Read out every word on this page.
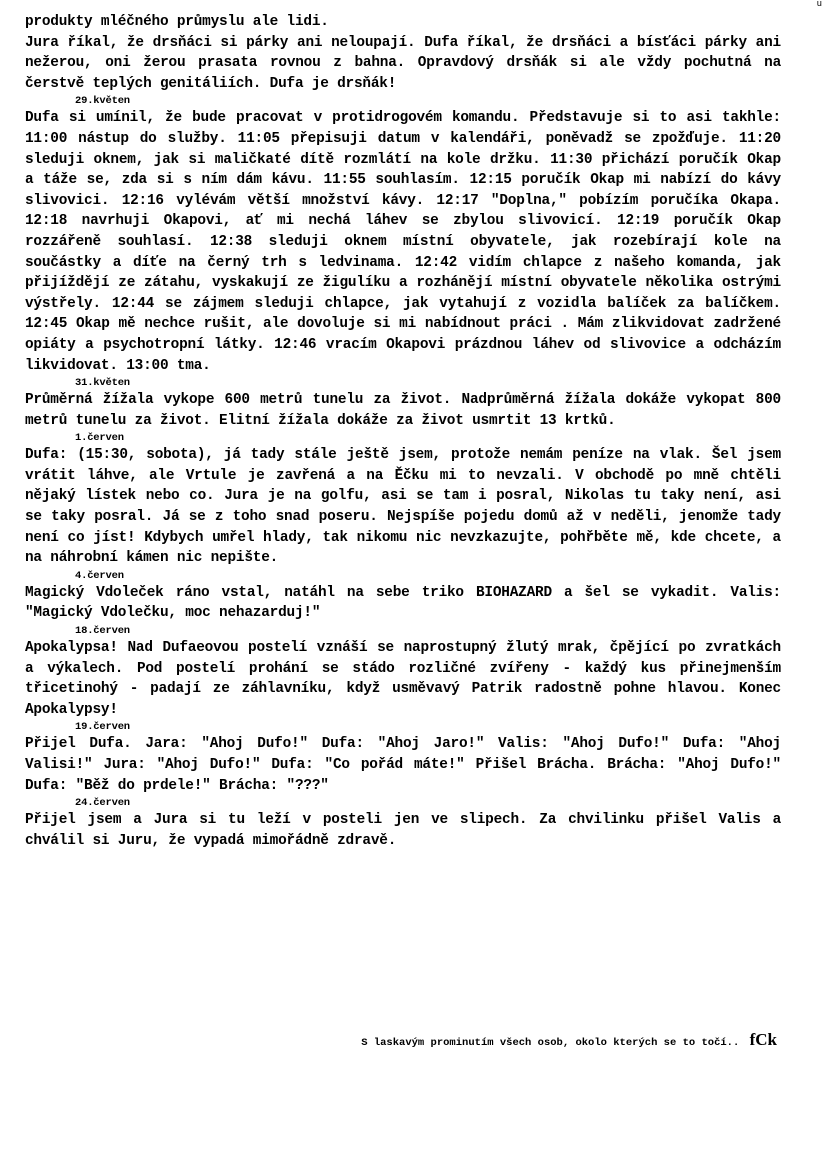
u

produkty mléčného průmyslu ale lidi.
Jura říkal, že drsňáci si párky ani neloupají. Dufa říkal, že drsňáci a bísťáci párky ani nežerou, oni žerou prasata rovnou z bahna. Opravdový drsňák si ale vždy pochutná na čerstvě teplých genitáliích. Dufa je drsňák!

29.květen

Dufa si umínil, že bude pracovat v protidrogovém komandu. Představuje si to asi takhle: 11:00 nástup do služby. 11:05 přepisuji datum v kalendáři, poněvadž se zpožďuje. 11:20 sleduji oknem, jak si maličkaté dítě rozmlátí na kole držku. 11:30 přichází poručík Okap a táže se, zda si s ním dám kávu. 11:55 souhlasím. 12:15 poručík Okap mi nabízí do kávy slivovici. 12:16 vylévám větší množství kávy. 12:17 "Doplna," pobízím poručíka Okapa. 12:18 navrhuji Okapovi, ať mi nechá láhev se zbylou slivovicí. 12:19 poručík Okap rozzářeně souhlasí. 12:38 sleduji oknem místní obyvatele, jak rozebírají kole na součástky a díťe na černý trh s ledvinama. 12:42 vidím chlapce z našeho komanda, jak přijíždějí ze zátahu, vyskakují ze žigulíku a rozhánějí místní obyvatele několika ostrými výstřely. 12:44 se zájmem sleduji chlapce, jak vytahují z vozidla balíček za balíčkem. 12:45 Okap mě nechce rušit, ale dovoluje si mi nabídnout práci . Mám zlikvidovat zadržené opiáty a psychotropní látky. 12:46 vracím Okapovi prázdnou láhev od slivovice a odcházím likvidovat. 13:00 tma.

31.květen

Průměrná žížala vykope 600 metrů tunelu za život. Nadprůměrná žížala dokáže vykopat 800 metrů tunelu za život. Elitní žížala dokáže za život usmrtit 13 krtků.

1.červen

Dufa: (15:30, sobota), já tady stále ještě jsem, protože nemám peníze na vlak. Šel jsem vrátit láhve, ale Vrtule je zavřená a na Ěčku mi to nevzali. V obchodě po mně chtěli nějaký lístek nebo co. Jura je na golfu, asi se tam i posral, Nikolas tu taky není, asi se taky posral. Já se z toho snad poseru. Nejspíše pojedu domů až v neděli, jenomže tady není co jíst! Kdybych umřel hlady, tak nikomu nic nevzkazujte, pohřběte mě, kde chcete, a na náhrobní kámen nic nepište.

4.červen

Magický Vdoleček ráno vstal, natáhl na sebe triko BIOHAZARD a šel se vykadit. Valis: "Magický Vdolečku, moc nehazarduj!"

18.červen

Apokalypsa! Nad Dufaeovou postelí vznáší se naprostupný žlutý mrak, čpějící po zvratkách a výkalech. Pod postelí prohání se stádo rozličné zvířeny - každý kus přinejmenším třicetinohý - padají ze záhlavníku, když usměvavý Patrik radostně pohne hlavou. Konec Apokalypsy!

19.červen

Přijel Dufa. Jara: "Ahoj Dufo!" Dufa: "Ahoj Jaro!" Valis: "Ahoj Dufo!" Dufa: "Ahoj Valisi!" Jura: "Ahoj Dufo!" Dufa: "Co pořád máte!" Přišel Brácha. Brácha: "Ahoj Dufo!" Dufa: "Běž do prdele!" Brácha: "???"

24.červen

Přijel jsem a Jura si tu leží v posteli jen ve slipech. Za chvilinku přišel Valis a chválil si Juru, že vypadá mimořádně zdravě.

S laskavým prominutím všech osob, okolo kterých se to točí.. fCk
